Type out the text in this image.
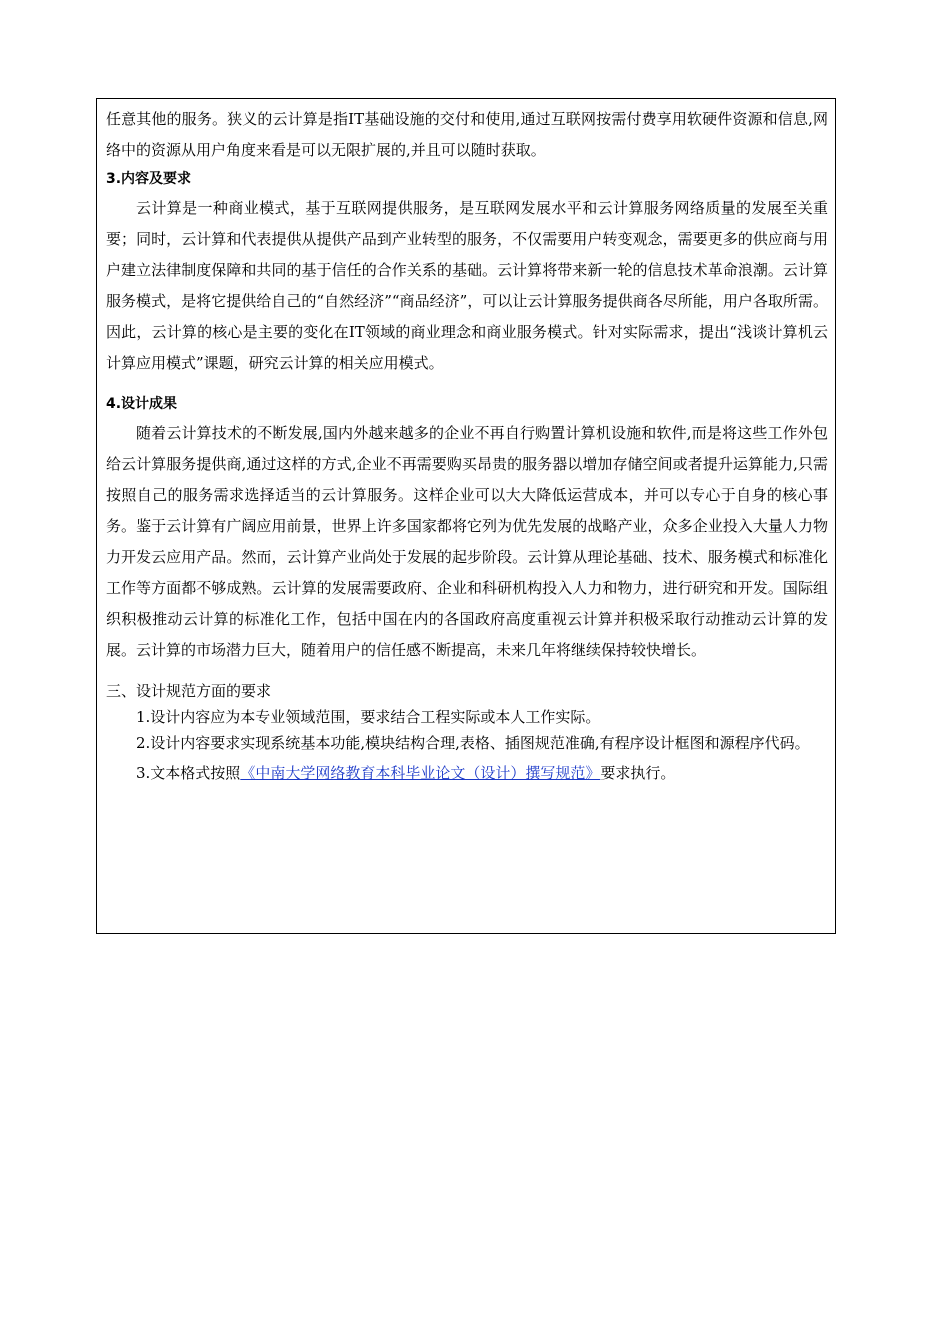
任意其他的服务。狭义的云计算是指IT基础设施的交付和使用,通过互联网按需付费享用软硬件资源和信息,网络中的资源从用户角度来看是可以无限扩展的,并且可以随时获取。

3.内容及要求

云计算是一种商业模式，基于互联网提供服务，是互联网发展水平和云计算服务网络质量的发展至关重要；同时，云计算和代表提供从提供产品到产业转型的服务，不仅需要用户转变观念，需要更多的供应商与用户建立法律制度保障和共同的基于信任的合作关系的基础。云计算将带来新一轮的信息技术革命浪潮。云计算服务模式，是将它提供给自己的“自然经济”“商品经济”，可以让云计算服务提供商各尽所能，用户各取所需。因此，云计算的核心是主要的变化在IT领域的商业理念和商业服务模式。针对实际需求，提出“浅谈计算机云计算应用模式”课题，研究云计算的相关应用模式。

4.设计成果

随着云计算技术的不断发展,国内外越来越多的企业不再自行购置计算机设施和软件,而是将这些工作外包给云计算服务提供商,通过这样的方式,企业不再需要购买昂贵的服务器以增加存储空间或者提升运算能力,只需按照自己的服务需求选择适当的云计算服务。这样企业可以大大降低运营成本，并可以专心于自身的核心事务。鉴于云计算有广阔应用前景，世界上许多国家都将它列为优先发展的战略产业，众多企业投入大量人力物力开发云应用产品。然而，云计算产业尚处于发展的起步阶段。云计算从理论基础、技术、服务模式和标准化工作等方面都不够成熟。云计算的发展需要政府、企业和科研机构投入人力和物力，进行研究和开发。国际组织积极推动云计算的标准化工作，包括中国在内的各国政府高度重视云计算并积极采取行动推动云计算的发展。云计算的市场潜力巨大，随着用户的信任感不断提高，未来几年将继续保持较快增长。

三、设计规范方面的要求

1.设计内容应为本专业领域范围，要求结合工程实际或本人工作实际。

2.设计内容要求实现系统基本功能,模块结构合理,表格、插图规范准确,有程序设计框图和源程序代码。

3.文本格式按照《中南大学网络教育本科毕业论文（设计）撰写规范》要求执行。
